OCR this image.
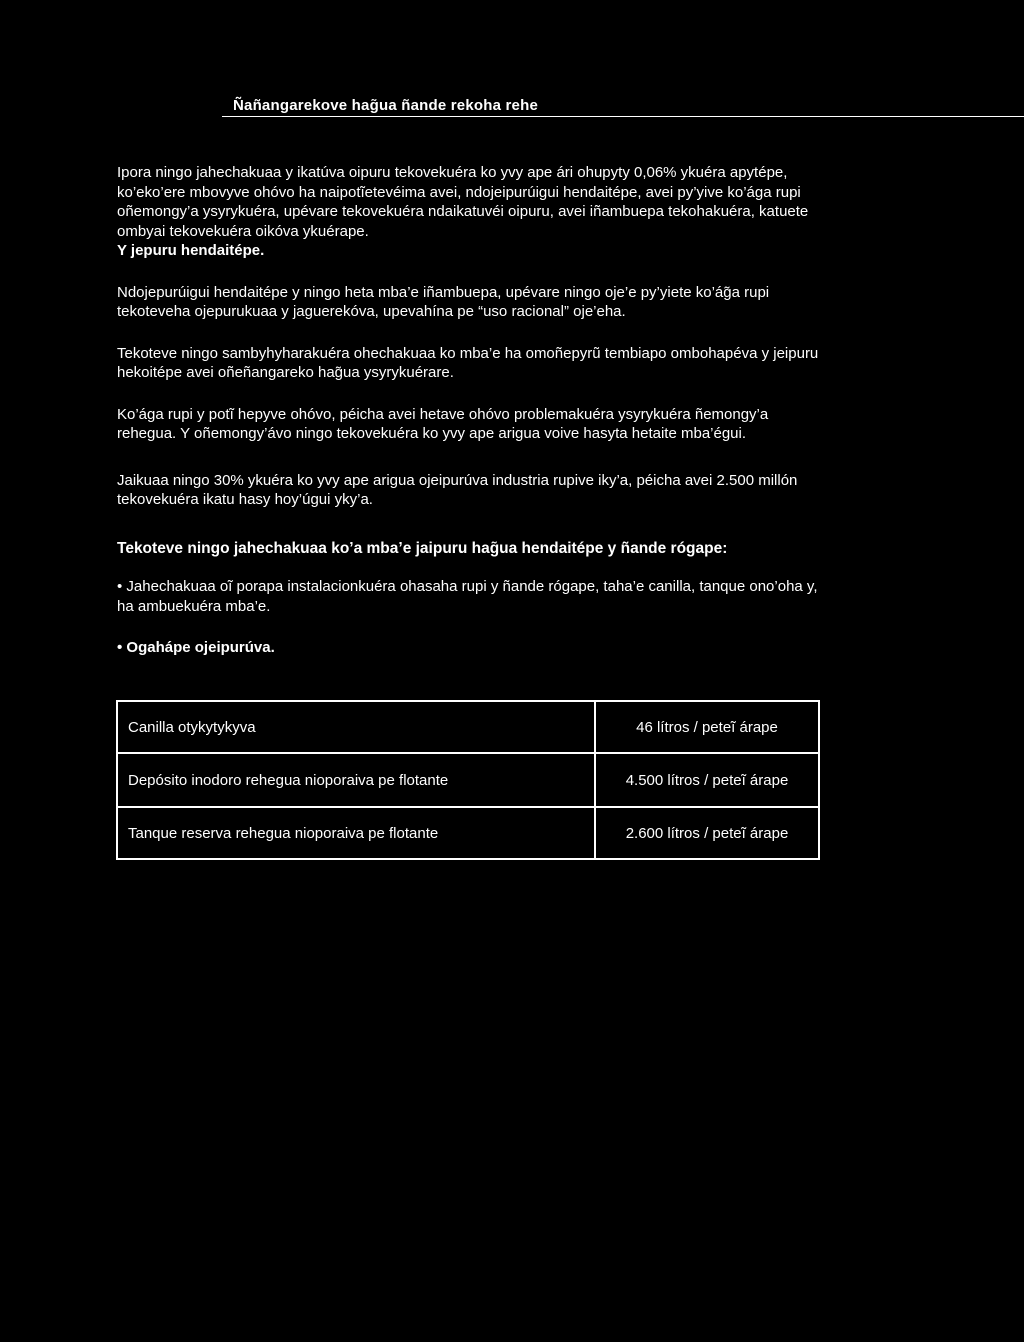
Ñañangarekove hag̃ua ñande rekoha rehe

Ipora ningo jahechakuaa y ikatúva oipuru tekovekuéra ko yvy ape ári ohupyty 0,06% ykuéra apytépe, ko’eko’ere mbovyve ohóvo ha naipotĩetevéima avei, ndojeipurúigui hendaitépe, avei py’yive ko’ága rupi oñemongy’a ysyrykuéra, upévare tekovekuéra ndaikatuvéi oipuru, avei iñambuepa tekohakuéra, katuete ombyai tekovekuéra oikóva ykuérape.
Y jepuru hendaitépe.

Ndojepurúigui hendaitépe y ningo heta mba’e iñambuepa, upévare ningo oje’e py’yiete ko’ág̃a rupi tekoteveha ojepurukuaa y jaguerekóva, upevahína pe “uso racional” oje’eha.

Tekoteve ningo sambyhyharakuéra ohechakuaa ko mba’e ha omoñepyrũ tembiapo ombohapéva y jeipuru hekoitépe avei oñeñangareko hag̃ua ysyrykuérare.

Ko’ága rupi y potĩ hepyve ohóvo, péicha avei hetave ohóvo problemakuéra ysyrykuéra ñemongy’a rehegua. Y oñemongy’ávo ningo tekovekuéra ko yvy ape arigua voive hasyta hetaite mba’égui.

Jaikuaa ningo 30% ykuéra ko yvy ape arigua ojeipurúva industria rupive iky’a, péicha avei 2.500 millón tekovekuéra ikatu hasy hoy’úgui yky’a.

Tekoteve ningo jahechakuaa ko’a mba’e jaipuru hag̃ua hendaitépe y ñande rógape:

• Jahechakuaa oĩ porapa instalacionkuéra ohasaha rupi y ñande rógape, taha’e canilla, tanque ono’oha y, ha ambuekuéra mba’e.

• Ogahápe ojeipurúva.

Canilla otykytykyva	46 lítros / peteĩ árape
Depósito inodoro rehegua nioporaiva pe flotante	4.500 lítros / peteĩ árape
Tanque reserva rehegua nioporaiva pe flotante	2.600 lítros / peteĩ árape
